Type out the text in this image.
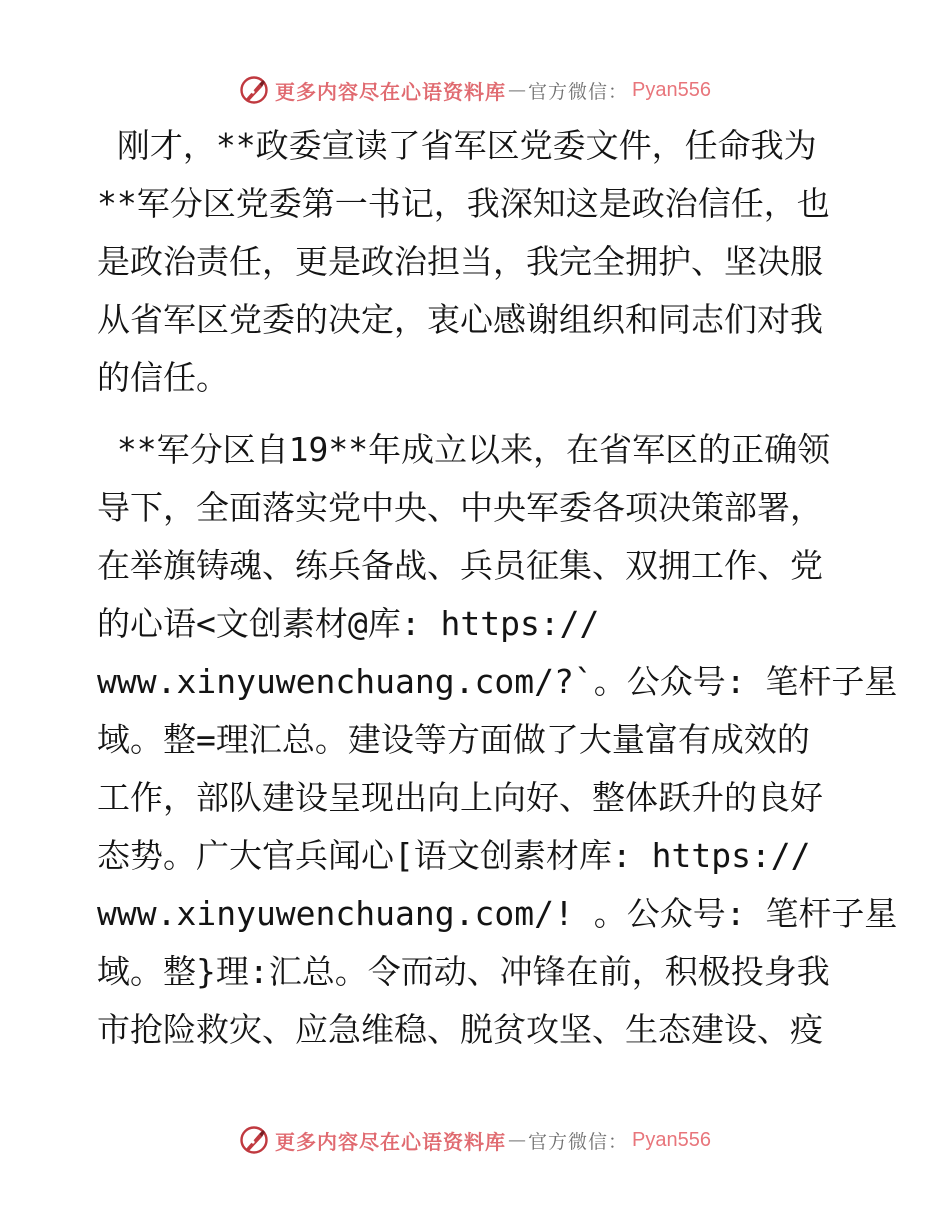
更多内容尽在心语资料库 — 官方微信： Pyan556

刚才，**政委宣读了省军区党委文件，任命我为
**军分区党委第一书记，我深知这是政治信任，也
是政治责任，更是政治担当，我完全拥护、坚决服
从省军区党委的决定，衷心感谢组织和同志们对我
的信任。

**军分区自19**年成立以来，在省军区的正确领
导下，全面落实党中央、中央军委各项决策部署，
在举旗铸魂、练兵备战、兵员征集、双拥工作、党
的心语<文创素材@库: https://
www.xinyuwenchuang.com/?`。公众号: 笔杆子星
域。整=理汇总。建设等方面做了大量富有成效的
工作，部队建设呈现出向上向好、整体跃升的良好
态势。广大官兵闻心[语文创素材库: https://
www.xinyuwenchuang.com/! 。公众号: 笔杆子星
域。整}理:汇总。令而动、冲锋在前，积极投身我
市抢险救灾、应急维稳、脱贫攻坚、生态建设、疫

更多内容尽在心语资料库 — 官方微信： Pyan556
